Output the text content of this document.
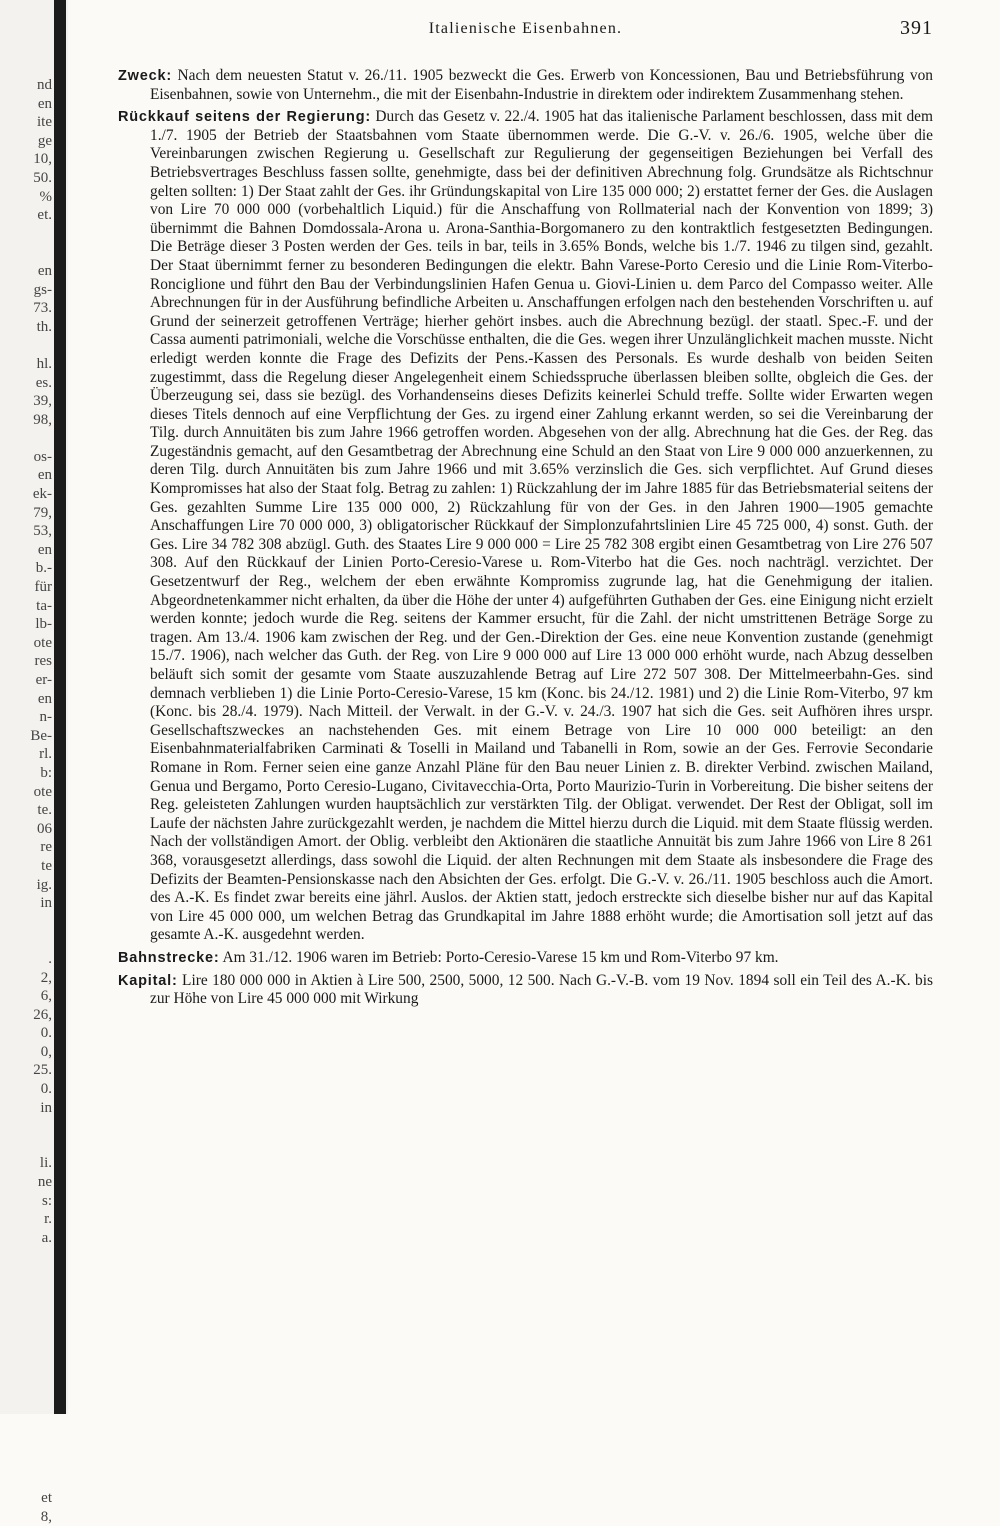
nd
en
ite
ge
10,
50.
%
et.
en
gs-
73.
th.
hl.
es.
39,
98,
os-
en
ek-
79,
53,
en
b.-
für
ta-
lb-
ote
res
er-
en
n-
Be-
rl.
b:
ote
te.
06
re
te
ig.
in
.
2,
6,
26,
0.
0,
25.
0.
in
li.
ne
s:
r.
a.
et
8,
Italienische Eisenbahnen.	391

Zweck: Nach dem neuesten Statut v. 26./11. 1905 bezweckt die Ges. Erwerb von Koncessionen, Bau und Betriebsführung von Eisenbahnen, sowie von Unternehm., die mit der Eisenbahn-Industrie in direktem oder indirektem Zusammenhang stehen.

Rückkauf seitens der Regierung: Durch das Gesetz v. 22./4. 1905 hat das italienische Parlament beschlossen, dass mit dem 1./7. 1905 der Betrieb der Staatsbahnen vom Staate übernommen werde. Die G.-V. v. 26./6. 1905, welche über die Vereinbarungen zwischen Regierung u. Gesellschaft zur Regulierung der gegenseitigen Beziehungen bei Verfall des Betriebsvertrages Beschluss fassen sollte, genehmigte, dass bei der definitiven Abrechnung folg. Grundsätze als Richtschnur gelten sollten: 1) Der Staat zahlt der Ges. ihr Gründungskapital von Lire 135 000 000; 2) erstattet ferner der Ges. die Auslagen von Lire 70 000 000 (vorbehaltlich Liquid.) für die Anschaffung von Rollmaterial nach der Konvention von 1899; 3) übernimmt die Bahnen Domdossala-Arona u. Arona-Santhia-Borgomanero zu den kontraktlich festgesetzten Bedingungen. Die Beträge dieser 3 Posten werden der Ges. teils in bar, teils in 3.65% Bonds, welche bis 1./7. 1946 zu tilgen sind, gezahlt. Der Staat übernimmt ferner zu besonderen Bedingungen die elektr. Bahn Varese-Porto Ceresio und die Linie Rom-Viterbo-Ronciglione und führt den Bau der Verbindungslinien Hafen Genua u. Giovi-Linien u. dem Parco del Compasso weiter. Alle Abrechnungen für in der Ausführung befindliche Arbeiten u. Anschaffungen erfolgen nach den bestehenden Vorschriften u. auf Grund der seinerzeit getroffenen Verträge; hierher gehört insbes. auch die Abrechnung bezügl. der staatl. Spec.-F. und der Cassa aumenti patrimoniali, welche die Vorschüsse enthalten, die die Ges. wegen ihrer Unzulänglichkeit machen musste. Nicht erledigt werden konnte die Frage des Defizits der Pens.-Kassen des Personals. Es wurde deshalb von beiden Seiten zugestimmt, dass die Regelung dieser Angelegenheit einem Schiedsspruche überlassen bleiben sollte, obgleich die Ges. der Überzeugung sei, dass sie bezügl. des Vorhandenseins dieses Defizits keinerlei Schuld treffe. Sollte wider Erwarten wegen dieses Titels dennoch auf eine Verpflichtung der Ges. zu irgend einer Zahlung erkannt werden, so sei die Vereinbarung der Tilg. durch Annuitäten bis zum Jahre 1966 getroffen worden. Abgesehen von der allg. Abrechnung hat die Ges. der Reg. das Zugeständnis gemacht, auf den Gesamtbetrag der Abrechnung eine Schuld an den Staat von Lire 9 000 000 anzuerkennen, zu deren Tilg. durch Annuitäten bis zum Jahre 1966 und mit 3.65% verzinslich die Ges. sich verpflichtet. Auf Grund dieses Kompromisses hat also der Staat folg. Betrag zu zahlen: 1) Rückzahlung der im Jahre 1885 für das Betriebsmaterial seitens der Ges. gezahlten Summe Lire 135 000 000, 2) Rückzahlung für von der Ges. in den Jahren 1900—1905 gemachte Anschaffungen Lire 70 000 000, 3) obligatorischer Rückkauf der Simplonzufahrtslinien Lire 45 725 000, 4) sonst. Guth. der Ges. Lire 34 782 308 abzügl. Guth. des Staates Lire 9 000 000 = Lire 25 782 308 ergibt einen Gesamtbetrag von Lire 276 507 308. Auf den Rückkauf der Linien Porto-Ceresio-Varese u. Rom-Viterbo hat die Ges. noch nachträgl. verzichtet. Der Gesetzentwurf der Reg., welchem der eben erwähnte Kompromiss zugrunde lag, hat die Genehmigung der italien. Abgeordnetenkammer nicht erhalten, da über die Höhe der unter 4) aufgeführten Guthaben der Ges. eine Einigung nicht erzielt werden konnte; jedoch wurde die Reg. seitens der Kammer ersucht, für die Zahl. der nicht umstrittenen Beträge Sorge zu tragen. Am 13./4. 1906 kam zwischen der Reg. und der Gen.-Direktion der Ges. eine neue Konvention zustande (genehmigt 15./7. 1906), nach welcher das Guth. der Reg. von Lire 9 000 000 auf Lire 13 000 000 erhöht wurde, nach Abzug desselben beläuft sich somit der gesamte vom Staate auszuzahlende Betrag auf Lire 272 507 308. Der Mittelmeerbahn-Ges. sind demnach verblieben 1) die Linie Porto-Ceresio-Varese, 15 km (Konc. bis 24./12. 1981) und 2) die Linie Rom-Viterbo, 97 km (Konc. bis 28./4. 1979). Nach Mitteil. der Verwalt. in der G.-V. v. 24./3. 1907 hat sich die Ges. seit Aufhören ihres urspr. Gesellschaftszweckes an nachstehenden Ges. mit einem Betrage von Lire 10 000 000 beteiligt: an den Eisenbahnmaterialfabriken Carminati & Toselli in Mailand und Tabanelli in Rom, sowie an der Ges. Ferrovie Secondarie Romane in Rom. Ferner seien eine ganze Anzahl Pläne für den Bau neuer Linien z. B. direkter Verbind. zwischen Mailand, Genua und Bergamo, Porto Ceresio-Lugano, Civitavecchia-Orta, Porto Maurizio-Turin in Vorbereitung. Die bisher seitens der Reg. geleisteten Zahlungen wurden hauptsächlich zur verstärkten Tilg. der Obligat. verwendet. Der Rest der Obligat, soll im Laufe der nächsten Jahre zurückgezahlt werden, je nachdem die Mittel hierzu durch die Liquid. mit dem Staate flüssig werden. Nach der vollständigen Amort. der Oblig. verbleibt den Aktionären die staatliche Annuität bis zum Jahre 1966 von Lire 8 261 368, vorausgesetzt allerdings, dass sowohl die Liquid. der alten Rechnungen mit dem Staate als insbesondere die Frage des Defizits der Beamten-Pensionskasse nach den Absichten der Ges. erfolgt. Die G.-V. v. 26./11. 1905 beschloss auch die Amort. des A.-K. Es findet zwar bereits eine jährl. Auslos. der Aktien statt, jedoch erstreckte sich dieselbe bisher nur auf das Kapital von Lire 45 000 000, um welchen Betrag das Grundkapital im Jahre 1888 erhöht wurde; die Amortisation soll jetzt auf das gesamte A.-K. ausgedehnt werden.

Bahnstrecke: Am 31./12. 1906 waren im Betrieb: Porto-Ceresio-Varese 15 km und Rom-Viterbo 97 km.

Kapital: Lire 180 000 000 in Aktien à Lire 500, 2500, 5000, 12 500. Nach G.-V.-B. vom 19 Nov. 1894 soll ein Teil des A.-K. bis zur Höhe von Lire 45 000 000 mit Wirkung
